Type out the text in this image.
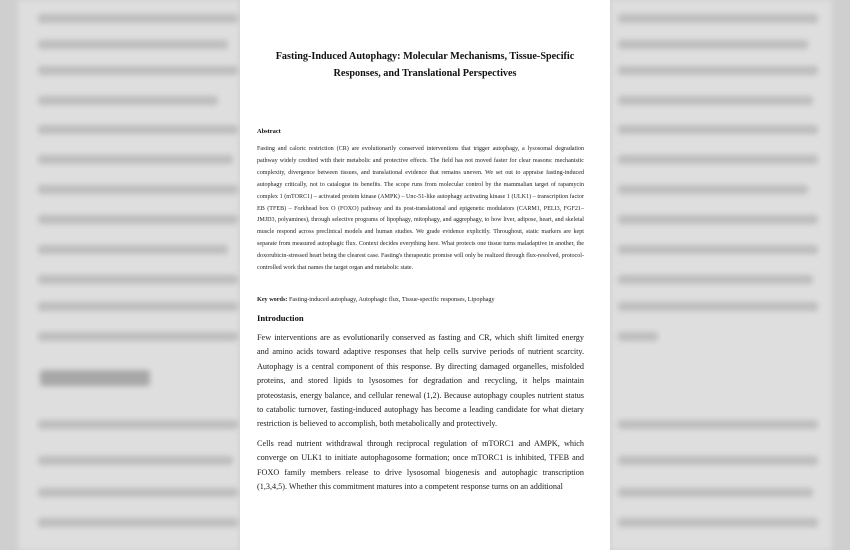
Fasting-Induced Autophagy: Molecular Mechanisms, Tissue-Specific Responses, and Translational Perspectives
Abstract
Fasting and caloric restriction (CR) are evolutionarily conserved interventions that trigger autophagy, a lysosomal degradation pathway widely credited with their metabolic and protective effects. The field has not moved faster for clear reasons: mechanistic complexity, divergence between tissues, and translational evidence that remains uneven. We set out to appraise fasting-induced autophagy critically, not to catalogue its benefits. The scope runs from molecular control by the mammalian target of rapamycin complex 1 (mTORC1) – activated protein kinase (AMPK) – Unc-51-like autophagy activating kinase 1 (ULK1) – transcription factor EB (TFEB) – Forkhead box O (FOXO) pathway and its post-translational and epigenetic modulators (CARM1, PELI3, FGF21–JMJD3, polyamines), through selective programs of lipophagy, mitophagy, and aggrephagy, to how liver, adipose, heart, and skeletal muscle respond across preclinical models and human studies. We grade evidence explicitly. Throughout, static markers are kept separate from measured autophagic flux. Context decides everything here. What protects one tissue turns maladaptive in another, the doxorubicin-stressed heart being the clearest case. Fasting's therapeutic promise will only be realized through flux-resolved, protocol-controlled work that names the target organ and metabolic state.
Key words: Fasting-induced autophagy, Autophagic flux, Tissue-specific responses, Lipophagy
Introduction
Few interventions are as evolutionarily conserved as fasting and CR, which shift limited energy and amino acids toward adaptive responses that help cells survive periods of nutrient scarcity. Autophagy is a central component of this response. By directing damaged organelles, misfolded proteins, and stored lipids to lysosomes for degradation and recycling, it helps maintain proteostasis, energy balance, and cellular renewal (1,2). Because autophagy couples nutrient status to catabolic turnover, fasting-induced autophagy has become a leading candidate for what dietary restriction is believed to accomplish, both metabolically and protectively.
Cells read nutrient withdrawal through reciprocal regulation of mTORC1 and AMPK, which converge on ULK1 to initiate autophagosome formation; once mTORC1 is inhibited, TFEB and FOXO family members release to drive lysosomal biogenesis and autophagic transcription (1,3,4,5). Whether this commitment matures into a competent response turns on an additional
